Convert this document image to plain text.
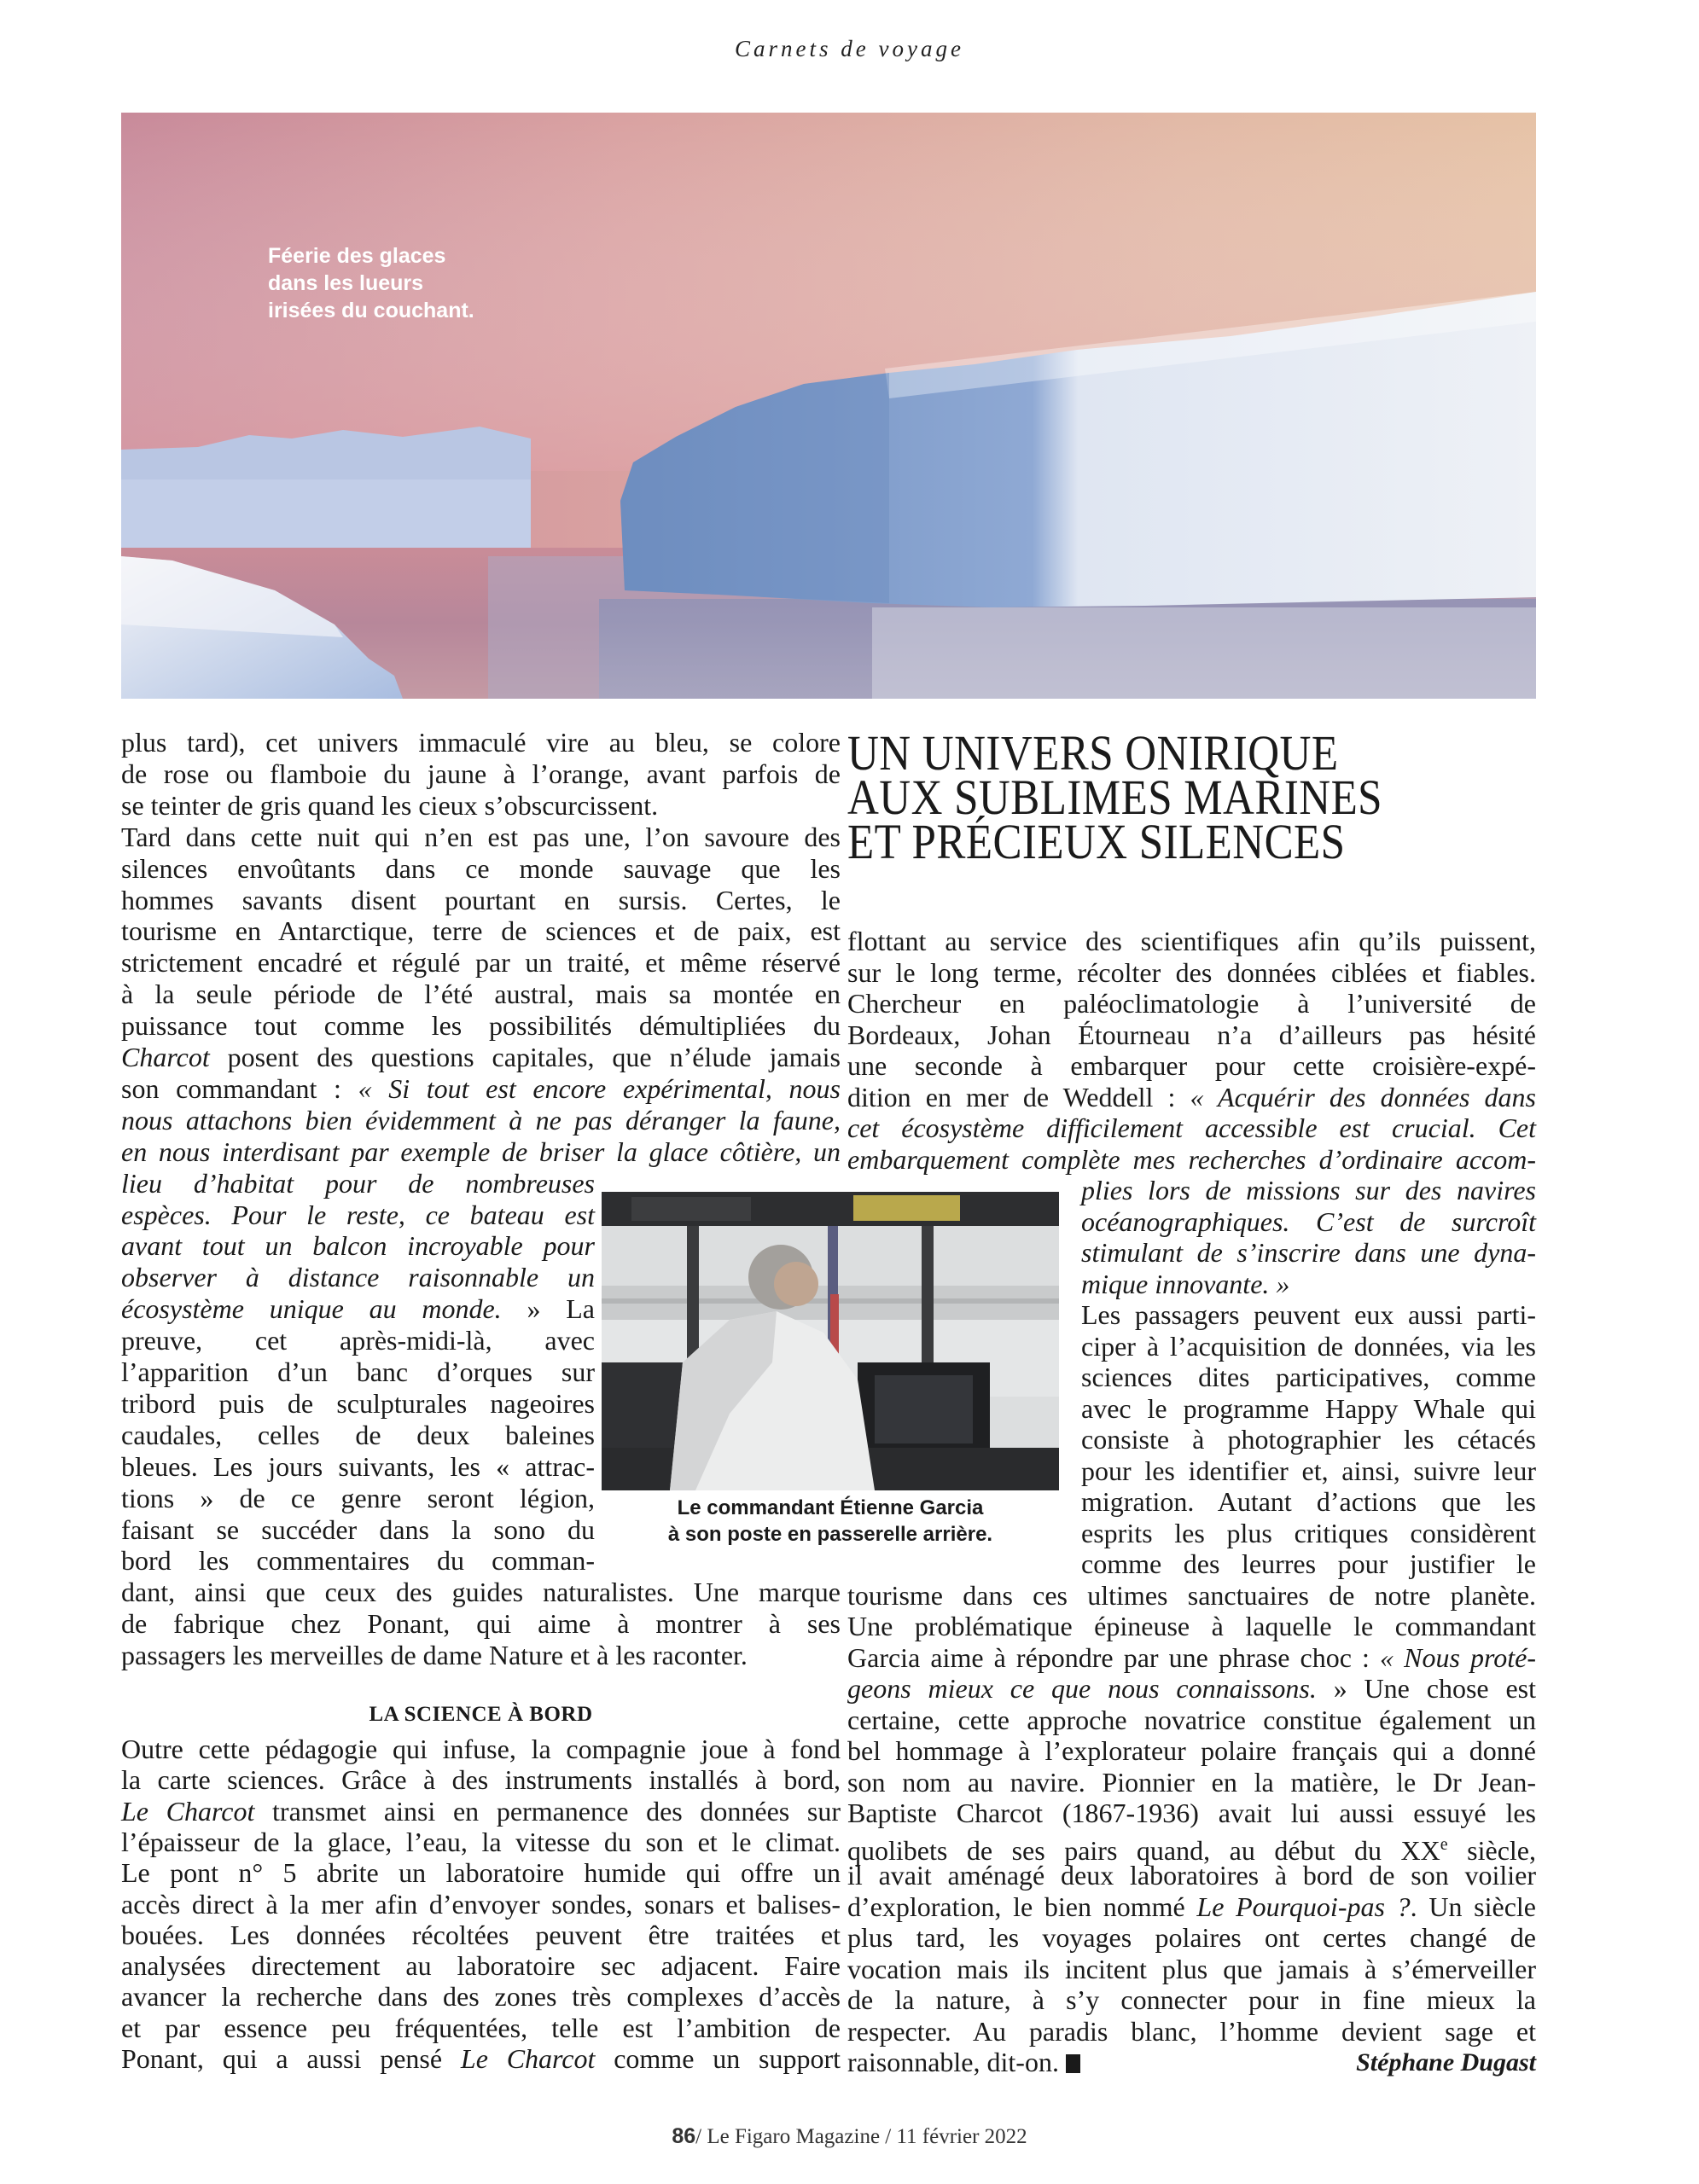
Carnets de voyage
Féerie des glaces
dans les lueurs
irisées du couchant.
UN UNIVERS ONIRIQUE
AUX SUBLIMES MARINES
ET PRÉCIEUX SILENCES
plus tard), cet univers immaculé vire au bleu, se colore
de rose ou flamboie du jaune à l’orange, avant parfois de
se teinter de gris quand les cieux s’obscurcissent.
Tard dans cette nuit qui n’en est pas une, l’on savoure des
silences envoûtants dans ce monde sauvage que les
hommes savants disent pourtant en sursis. Certes, le
tourisme en Antarctique, terre de sciences et de paix, est
strictement encadré et régulé par un traité, et même réservé
à la seule période de l’été austral, mais sa montée en
puissance tout comme les possibilités démultipliées du
Charcot posent des questions capitales, que n’élude jamais
son commandant : « Si tout est encore expérimental, nous
nous attachons bien évidemment à ne pas déranger la faune,
en nous interdisant par exemple de briser la glace côtière, un
lieu d’habitat pour de nombreuses
espèces. Pour le reste, ce bateau est
avant tout un balcon incroyable pour
observer à distance raisonnable un
écosystème unique au monde. » La
preuve, cet après-midi-là, avec
l’apparition d’un banc d’orques sur
tribord puis de sculpturales nageoires
caudales, celles de deux baleines
bleues. Les jours suivants, les « attrac-
tions » de ce genre seront légion,
faisant se succéder dans la sono du
bord les commentaires du comman-
dant, ainsi que ceux des guides naturalistes. Une marque
de fabrique chez Ponant, qui aime à montrer à ses
passagers les merveilles de dame Nature et à les raconter.
LA SCIENCE À BORD
Outre cette pédagogie qui infuse, la compagnie joue à fond
la carte sciences. Grâce à des instruments installés à bord,
Le Charcot transmet ainsi en permanence des données sur
l’épaisseur de la glace, l’eau, la vitesse du son et le climat.
Le pont n° 5 abrite un laboratoire humide qui offre un
accès direct à la mer afin d’envoyer sondes, sonars et balises-
bouées. Les données récoltées peuvent être traitées et
analysées directement au laboratoire sec adjacent. Faire
avancer la recherche dans des zones très complexes d’accès
et par essence peu fréquentées, telle est l’ambition de
Ponant, qui a aussi pensé Le Charcot comme un support
flottant au service des scientifiques afin qu’ils puissent,
sur le long terme, récolter des données ciblées et fiables.
Chercheur en paléoclimatologie à l’université de
Bordeaux, Johan Étourneau n’a d’ailleurs pas hésité
une seconde à embarquer pour cette croisière-expé-
dition en mer de Weddell : « Acquérir des données dans
cet écosystème difficilement accessible est crucial. Cet
embarquement complète mes recherches d’ordinaire accom-
plies lors de missions sur des navires
océanographiques. C’est de surcroît
stimulant de s’inscrire dans une dyna-
mique innovante. »
Les passagers peuvent eux aussi parti-
ciper à l’acquisition de données, via les
sciences dites participatives, comme
avec le programme Happy Whale qui
consiste à photographier les cétacés
pour les identifier et, ainsi, suivre leur
migration. Autant d’actions que les
esprits les plus critiques considèrent
comme des leurres pour justifier le
tourisme dans ces ultimes sanctuaires de notre planète.
Une problématique épineuse à laquelle le commandant
Garcia aime à répondre par une phrase choc : « Nous proté-
geons mieux ce que nous connaissons. » Une chose est
certaine, cette approche novatrice constitue également un
bel hommage à l’explorateur polaire français qui a donné
son nom au navire. Pionnier en la matière, le Dr Jean-
Baptiste Charcot (1867-1936) avait lui aussi essuyé les
quolibets de ses pairs quand, au début du XXe siècle,
il avait aménagé deux laboratoires à bord de son voilier
d’exploration, le bien nommé Le Pourquoi-pas ?. Un siècle
plus tard, les voyages polaires ont certes changé de
vocation mais ils incitent plus que jamais à s’émerveiller
de la nature, à s’y connecter pour in fine mieux la
respecter. Au paradis blanc, l’homme devient sage et
raisonnable, dit-on.
Le commandant Étienne Garcia
à son poste en passerelle arrière.
Stéphane Dugast
86/ Le Figaro Magazine / 11 février 2022
